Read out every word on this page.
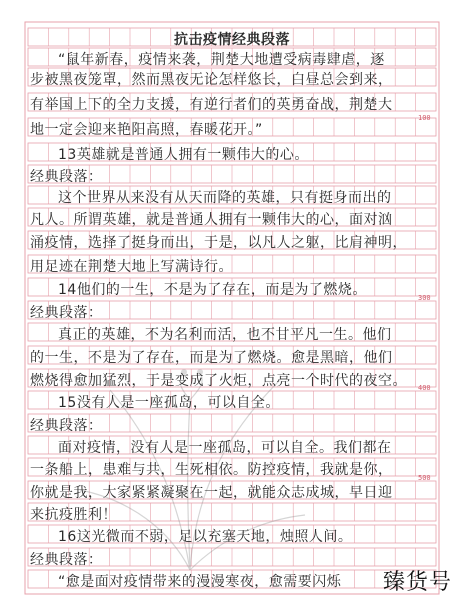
抗击疫情经典段落
“鼠年新春，疫情来袭，荆楚大地遭受病毒肆虐，逐
步被黑夜笼罩，然而黑夜无论怎样悠长，白昼总会到来，
有举国上下的全力支援，有逆行者们的英勇奋战，荆楚大
地一定会迎来艳阳高照，春暖花开。”
13英雄就是普通人拥有一颗伟大的心。
经典段落：
这个世界从来没有从天而降的英雄，只有挺身而出的
凡人。所谓英雄，就是普通人拥有一颗伟大的心，面对汹
涌疫情，选择了挺身而出，于是，以凡人之躯，比肩神明，
用足迹在荆楚大地上写满诗行。
14他们的一生，不是为了存在，而是为了燃烧。
经典段落：
真正的英雄，不为名利而活，也不甘平凡一生。他们
的一生，不是为了存在，而是为了燃烧。愈是黑暗，他们
燃烧得愈加猛烈，于是变成了火炬，点亮一个时代的夜空。
15没有人是一座孤岛，可以自全。
经典段落：
面对疫情，没有人是一座孤岛，可以自全。我们都在
一条船上，患难与共，生死相依。防控疫情，我就是你，
你就是我，大家紧紧凝聚在一起，就能众志成城，早日迎
来抗疫胜利！
16这光微而不弱，足以充塞天地，烛照人间。
经典段落：
“愈是面对疫情带来的漫漫寒夜，愈需要闪烁
100
300
400
500
臻货号
